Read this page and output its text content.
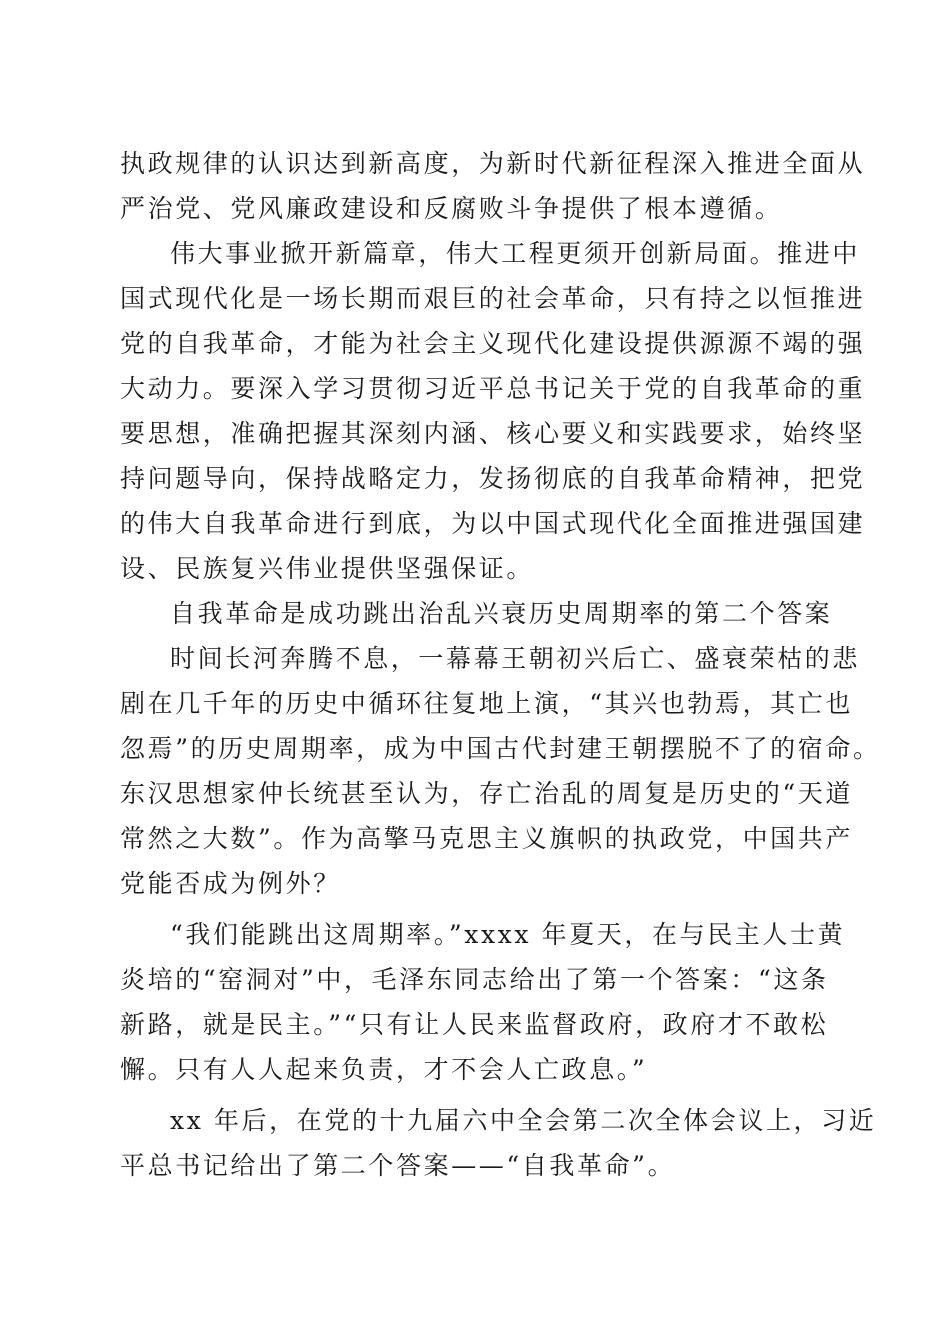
执政规律的认识达到新高度，为新时代新征程深入推进全面从
严治党、党风廉政建设和反腐败斗争提供了根本遵循。
伟大事业掀开新篇章，伟大工程更须开创新局面。推进中
国式现代化是一场长期而艰巨的社会革命，只有持之以恒推进
党的自我革命，才能为社会主义现代化建设提供源源不竭的强
大动力。要深入学习贯彻习近平总书记关于党的自我革命的重
要思想，准确把握其深刻内涵、核心要义和实践要求，始终坚
持问题导向，保持战略定力，发扬彻底的自我革命精神，把党
的伟大自我革命进行到底，为以中国式现代化全面推进强国建
设、民族复兴伟业提供坚强保证。
自我革命是成功跳出治乱兴衰历史周期率的第二个答案
时间长河奔腾不息，一幕幕王朝初兴后亡、盛衰荣枯的悲
剧在几千年的历史中循环往复地上演，“其兴也勃焉，其亡也
忽焉”的历史周期率，成为中国古代封建王朝摆脱不了的宿命。
东汉思想家仲长统甚至认为，存亡治乱的周复是历史的“天道
常然之大数”。作为高擎马克思主义旗帜的执政党，中国共产
党能否成为例外？
“我们能跳出这周期率。”xxxx 年夏天，在与民主人士黄
炎培的“窑洞对”中，毛泽东同志给出了第一个答案：“这条
新路，就是民主。”“只有让人民来监督政府，政府才不敢松
懈。只有人人起来负责，才不会人亡政息。”
xx 年后，在党的十九届六中全会第二次全体会议上，习近
平总书记给出了第二个答案——“自我革命”。
